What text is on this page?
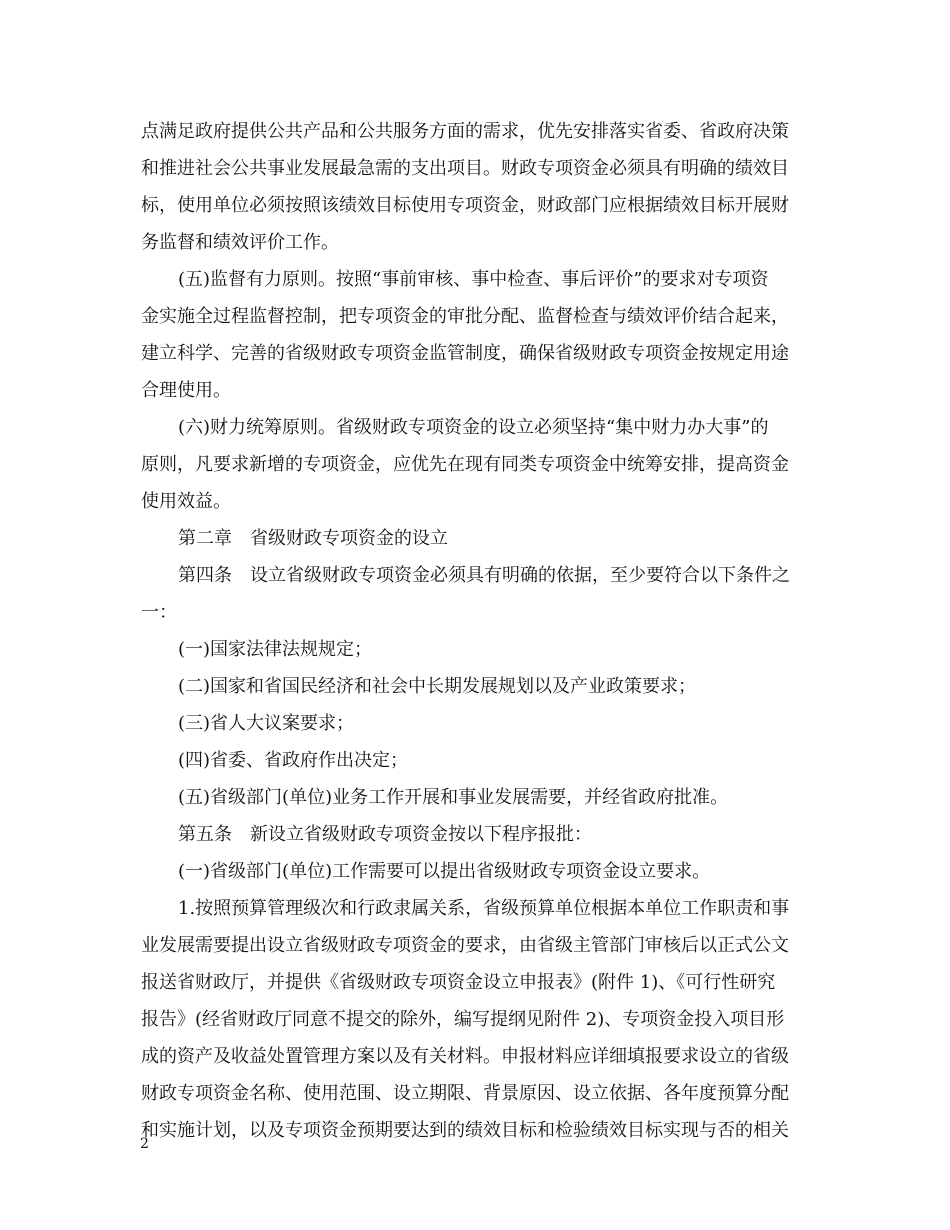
点满足政府提供公共产品和公共服务方面的需求，优先安排落实省委、省政府决策
和推进社会公共事业发展最急需的支出项目。财政专项资金必须具有明确的绩效目
标，使用单位必须按照该绩效目标使用专项资金，财政部门应根据绩效目标开展财
务监督和绩效评价工作。
(五)监督有力原则。按照“事前审核、事中检查、事后评价”的要求对专项资
金实施全过程监督控制，把专项资金的审批分配、监督检查与绩效评价结合起来，
建立科学、完善的省级财政专项资金监管制度，确保省级财政专项资金按规定用途
合理使用。
(六)财力统筹原则。省级财政专项资金的设立必须坚持“集中财力办大事”的
原则，凡要求新增的专项资金，应优先在现有同类专项资金中统筹安排，提高资金
使用效益。
第二章　省级财政专项资金的设立
第四条　设立省级财政专项资金必须具有明确的依据，至少要符合以下条件之
一：
(一)国家法律法规规定；
(二)国家和省国民经济和社会中长期发展规划以及产业政策要求；
(三)省人大议案要求；
(四)省委、省政府作出决定；
(五)省级部门(单位)业务工作开展和事业发展需要，并经省政府批准。
第五条　新设立省级财政专项资金按以下程序报批：
(一)省级部门(单位)工作需要可以提出省级财政专项资金设立要求。
1.按照预算管理级次和行政隶属关系，省级预算单位根据本单位工作职责和事
业发展需要提出设立省级财政专项资金的要求，由省级主管部门审核后以正式公文
报送省财政厅，并提供《省级财政专项资金设立申报表》(附件 1)、《可行性研究
报告》(经省财政厅同意不提交的除外，编写提纲见附件 2)、专项资金投入项目形
成的资产及收益处置管理方案以及有关材料。申报材料应详细填报要求设立的省级
财政专项资金名称、使用范围、设立期限、背景原因、设立依据、各年度预算分配
和实施计划，以及专项资金预期要达到的绩效目标和检验绩效目标实现与否的相关
2
